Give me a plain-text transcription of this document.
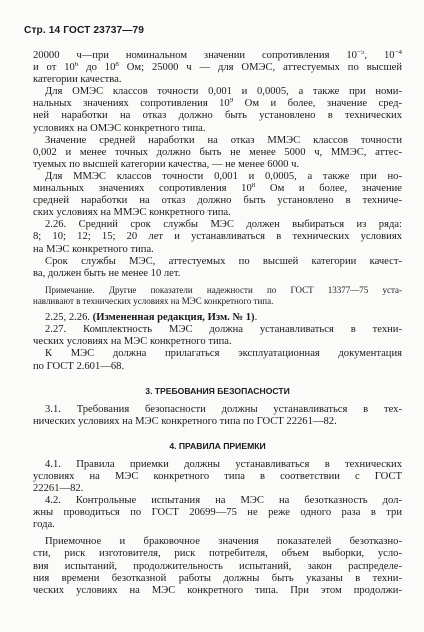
Стр. 14 ГОСТ 23737—79
20000 ч—при номинальном значении сопротивления $10^{-5}$, $10^{-4}$
и от $10^6$ до $10^8$ Ом; 25000 ч — для ОМЭС, аттестуемых по высшей
категории качества.
Для ОМЭС классов точности 0,001 и 0,0005, а также при номи-
нальных значениях сопротивления $10^9$ Ом и более, значение сред-
ней наработки на отказ должно быть установлено в технических
условиях на ОМЭС конкретного типа.
Значение средней наработки на отказ ММЭС классов точности
0,002 и менее точных должно быть не менее 5000 ч, ММЭС, аттес-
туемых по высшей категории качества, — не менее 6000 ч.
Для ММЭС классов точности 0,001 и 0,0005, а также при но-
минальных значениях сопротивления $10^8$ Ом и более, значение
средней наработки на отказ должно быть установлено в техниче-
ских условиях на ММЭС конкретного типа.
2.26. Средний срок службы МЭС должен выбираться из ряда:
8; 10; 12; 15; 20 лет и устанавливаться в технических условиях
на МЭС конкретного типа.
Срок службы МЭС, аттестуемых по высшей категории качест-
ва, должен быть не менее 10 лет.
Примечание. Другие показатели надежности по ГОСТ 13377—75 уста-
навливают в технических условиях на МЭС конкретного типа.
2.25, 2.26. (Измененная редакция, Изм. № 1).
2.27. Комплектность МЭС должна устанавливаться в техни-
ческих условиях на МЭС конкретного типа.
К МЭС должна прилагаться эксплуатационная документация
по ГОСТ 2.601—68.
3. ТРЕБОВАНИЯ БЕЗОПАСНОСТИ
3.1. Требования безопасности должны устанавливаться в тех-
нических условиях на МЭС конкретного типа по ГОСТ 22261—82.
4. ПРАВИЛА ПРИЕМКИ
4.1. Правила приемки должны устанавливаться в технических
условиях на МЭС конкретного типа в соответствии с ГОСТ
22261—82.
4.2. Контрольные испытания на МЭС на безотказность дол-
жны проводиться по ГОСТ 20699—75 не реже одного раза в три
года.
Приемочное и браковочное значения показателей безотказно-
сти, риск изготовителя, риск потребителя, объем выборки, усло-
вия испытаний, продолжительность испытаний, закон распределе-
ния времени безотказной работы должны быть указаны в техни-
ческих условиях на МЭС конкретного типа. При этом продолжи-
